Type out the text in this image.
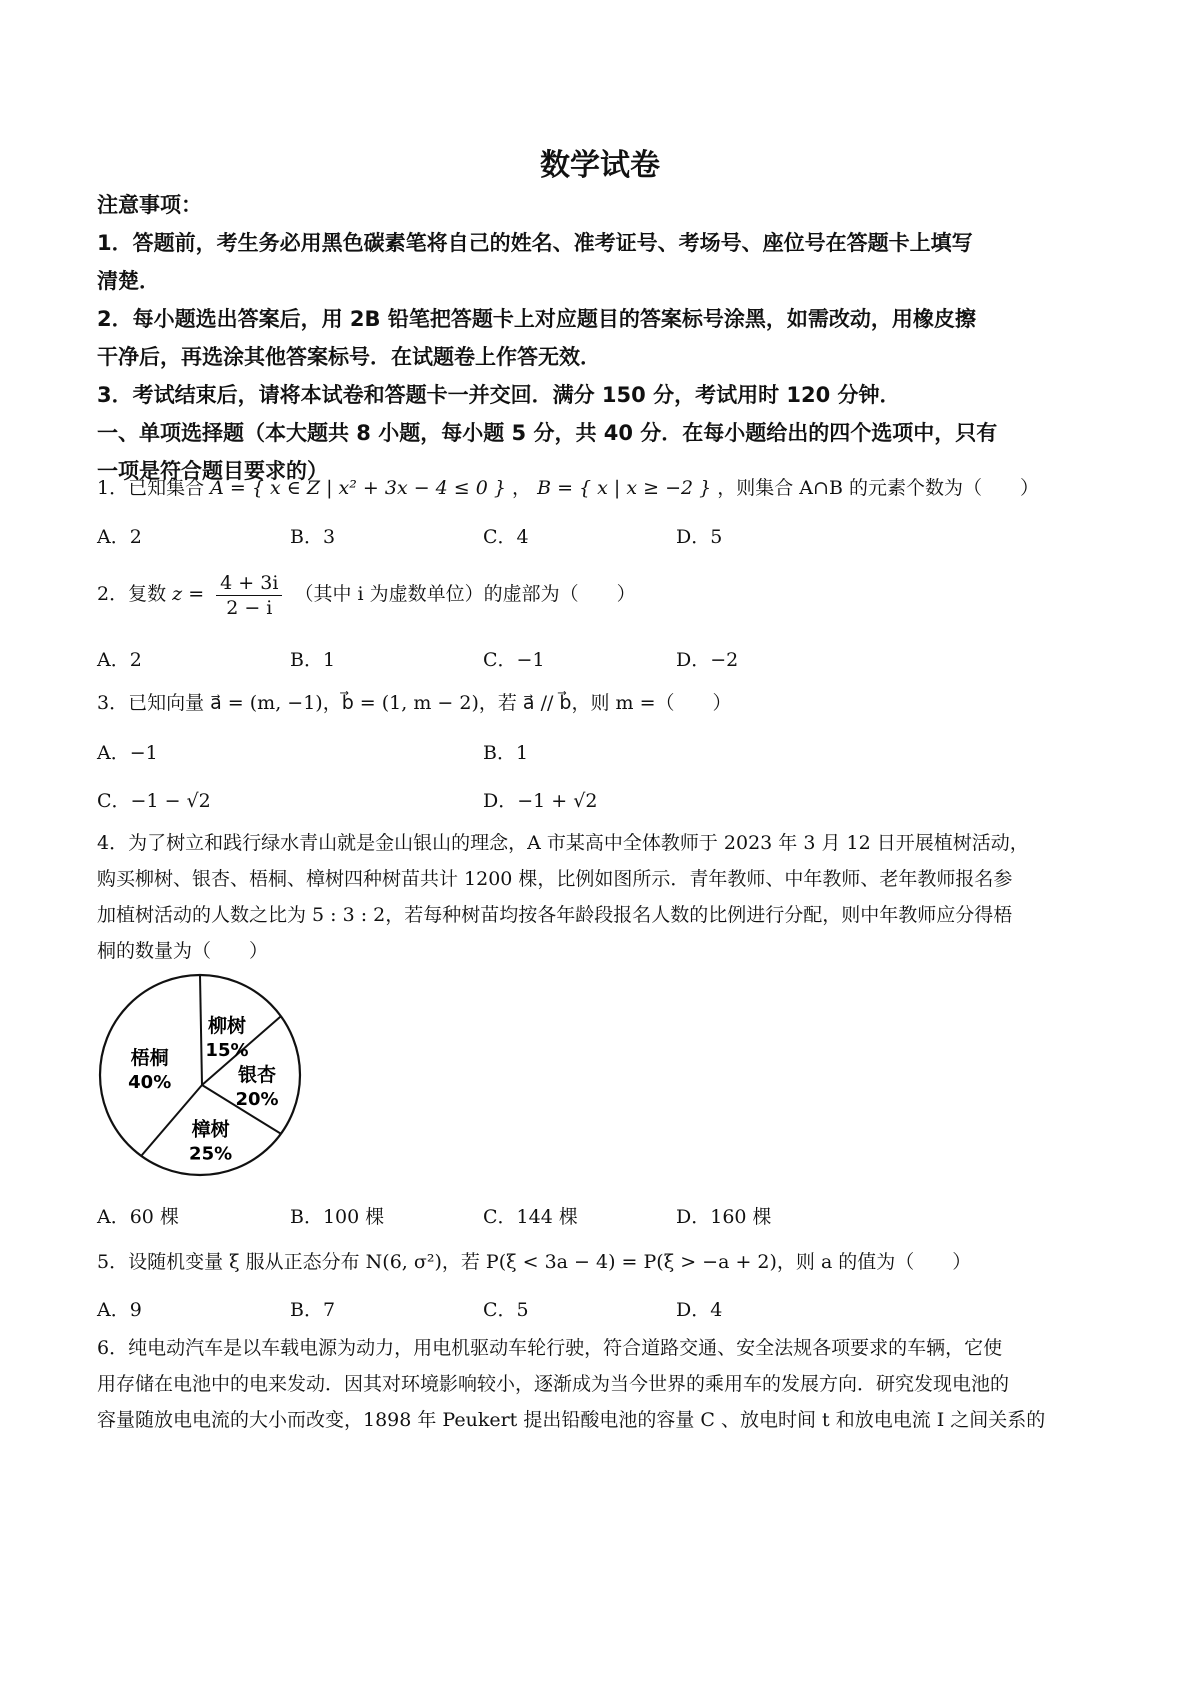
数学试卷
注意事项：
1．答题前，考生务必用黑色碳素笔将自己的姓名、准考证号、考场号、座位号在答题卡上填写
清楚．
2．每小题选出答案后，用 2B 铅笔把答题卡上对应题目的答案标号涂黑，如需改动，用橡皮擦
干净后，再选涂其他答案标号．在试题卷上作答无效．
3．考试结束后，请将本试卷和答题卡一并交回．满分 150 分，考试用时 120 分钟．
一、单项选择题（本大题共 8 小题，每小题 5 分，共 40 分．在每小题给出的四个选项中，只有
一项是符合题目要求的）
1．已知集合 A = { x ∈ Z | x² + 3x − 4 ≤ 0 } ， B = { x | x ≥ −2 } ，则集合 A∩B 的元素个数为（　　）
A．2	B．3	C．4	D．5
2．复数 $z = \frac{4 + 3i}{2 - i}$ （其中 i 为虚数单位）的虚部为（　　）
A．2	B．1	C．−1	D．−2
3．已知向量 a⃗ = (m, −1)，b⃗ = (1, m − 2)，若 a⃗ // b⃗，则 m =（　　）
A．−1	B．1
C．−1 − √2	D．−1 + √2
4．为了树立和践行绿水青山就是金山银山的理念，A 市某高中全体教师于 2023 年 3 月 12 日开展植树活动，
购买柳树、银杏、梧桐、樟树四种树苗共计 1200 棵，比例如图所示．青年教师、中年教师、老年教师报名参
加植树活动的人数之比为 5 : 3 : 2，若每种树苗均按各年龄段报名人数的比例进行分配，则中年教师应分得梧
桐的数量为（　　）
柳树
15%
银杏
20%
樟树
25%
梧桐
40%
A．60 棵	B．100 棵	C．144 棵	D．160 棵
5．设随机变量 ξ 服从正态分布 N(6, σ²)，若 P(ξ < 3a − 4) = P(ξ > −a + 2)，则 a 的值为（　　）
A．9	B．7	C．5	D．4
6．纯电动汽车是以车载电源为动力，用电机驱动车轮行驶，符合道路交通、安全法规各项要求的车辆，它使
用存储在电池中的电来发动．因其对环境影响较小，逐渐成为当今世界的乘用车的发展方向．研究发现电池的
容量随放电电流的大小而改变，1898 年 Peukert 提出铅酸电池的容量 C 、放电时间 t 和放电电流 I 之间关系的
